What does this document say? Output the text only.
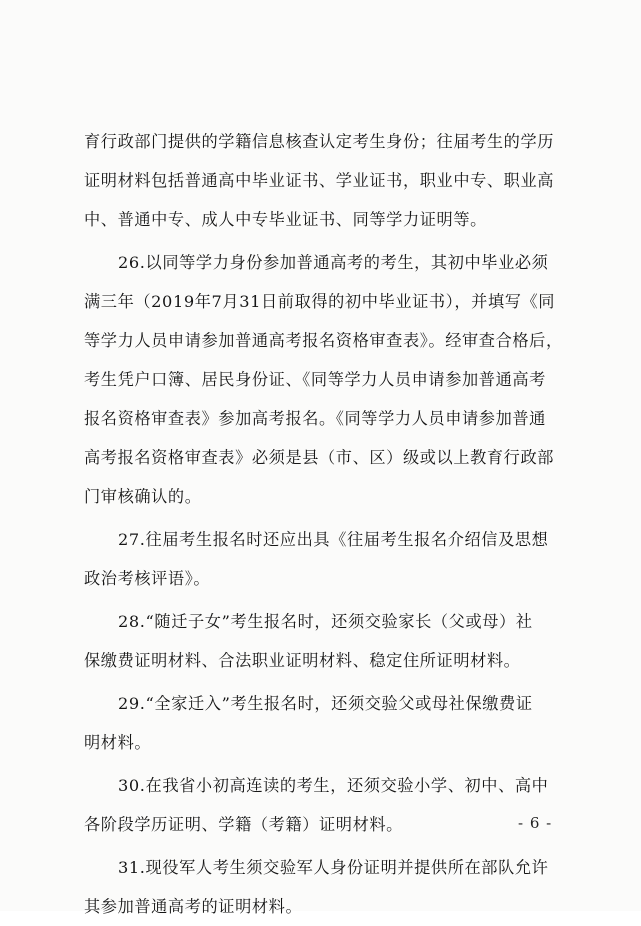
育行政部门提供的学籍信息核查认定考生身份；往届考生的学历
证明材料包括普通高中毕业证书、学业证书，职业中专、职业高
中、普通中专、成人中专毕业证书、同等学力证明等。
26.以同等学力身份参加普通高考的考生，其初中毕业必须
满三年（2019年7月31日前取得的初中毕业证书），并填写《同
等学力人员申请参加普通高考报名资格审查表》。经审查合格后，
考生凭户口簿、居民身份证、《同等学力人员申请参加普通高考
报名资格审查表》参加高考报名。《同等学力人员申请参加普通
高考报名资格审查表》必须是县（市、区）级或以上教育行政部
门审核确认的。
27.往届考生报名时还应出具《往届考生报名介绍信及思想
政治考核评语》。
28.“随迁子女”考生报名时，还须交验家长（父或母）社
保缴费证明材料、合法职业证明材料、稳定住所证明材料。
29.“全家迁入”考生报名时，还须交验父或母社保缴费证
明材料。
30.在我省小初高连读的考生，还须交验小学、初中、高中
各阶段学历证明、学籍（考籍）证明材料。
31.现役军人考生须交验军人身份证明并提供所在部队允许
其参加普通高考的证明材料。
- 6 -
